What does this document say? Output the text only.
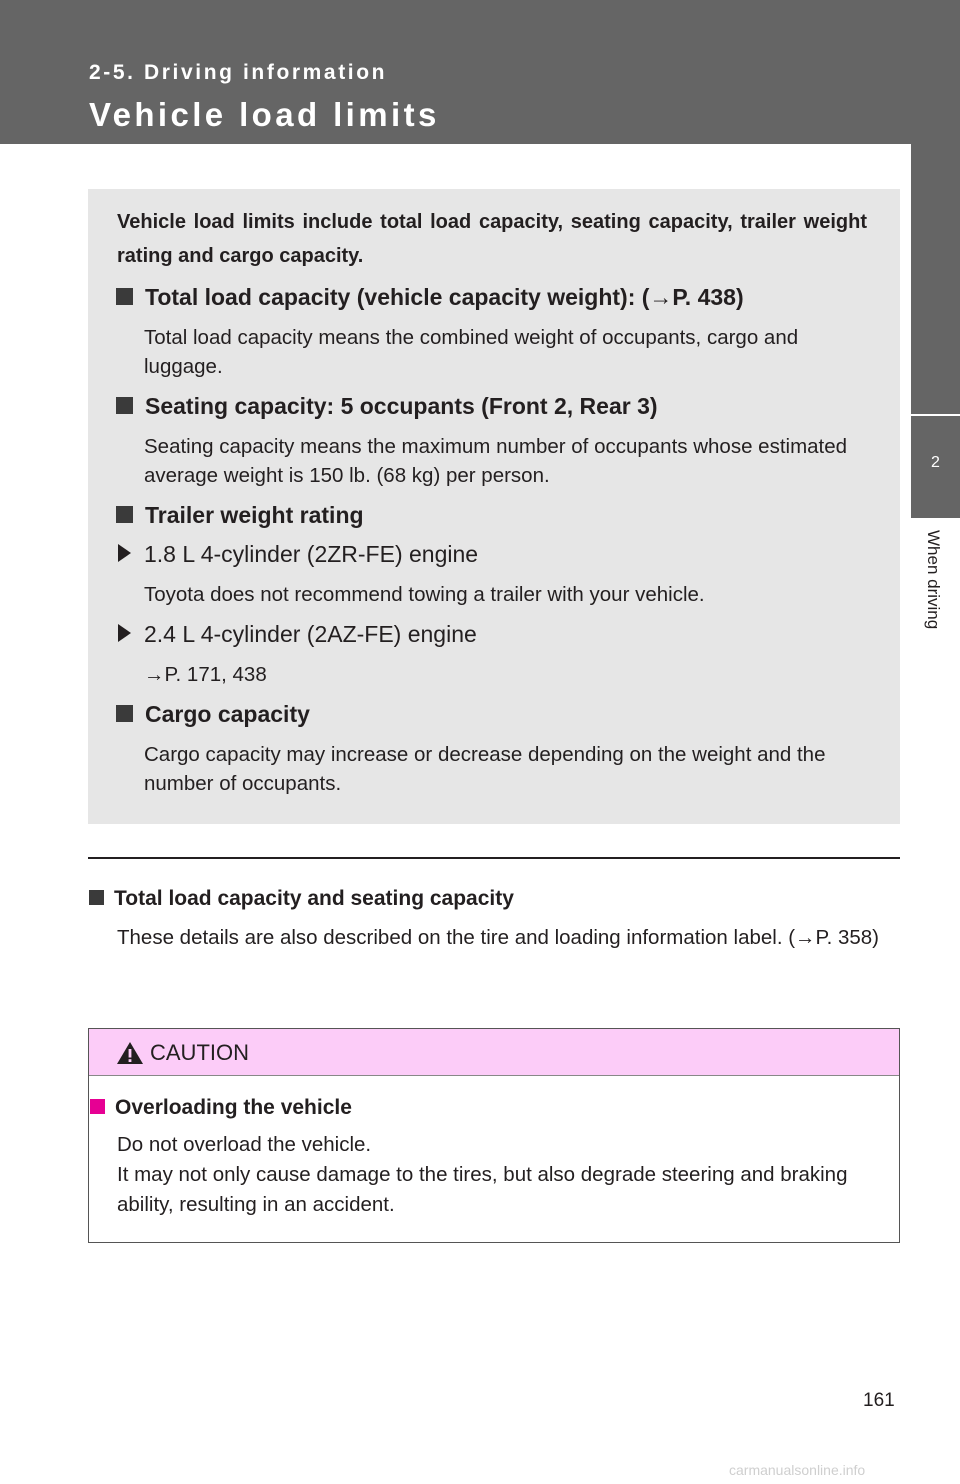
2-5. Driving information
Vehicle load limits
2
When driving
Vehicle load limits include total load capacity, seating capacity, trailer weight rating and cargo capacity.
Total load capacity (vehicle capacity weight): (→P. 438)
Total load capacity means the combined weight of occupants, cargo and luggage.
Seating capacity: 5 occupants (Front 2, Rear 3)
Seating capacity means the maximum number of occupants whose estimated average weight is 150 lb. (68 kg) per person.
Trailer weight rating
1.8 L 4-cylinder (2ZR-FE) engine
Toyota does not recommend towing a trailer with your vehicle.
2.4 L 4-cylinder (2AZ-FE) engine
→P. 171, 438
Cargo capacity
Cargo capacity may increase or decrease depending on the weight and the number of occupants.
Total load capacity and seating capacity
These details are also described on the tire and loading information label. (→P. 358)
CAUTION
Overloading the vehicle
Do not overload the vehicle.
It may not only cause damage to the tires, but also degrade steering and braking ability, resulting in an accident.
161
carmanualsonline.info
